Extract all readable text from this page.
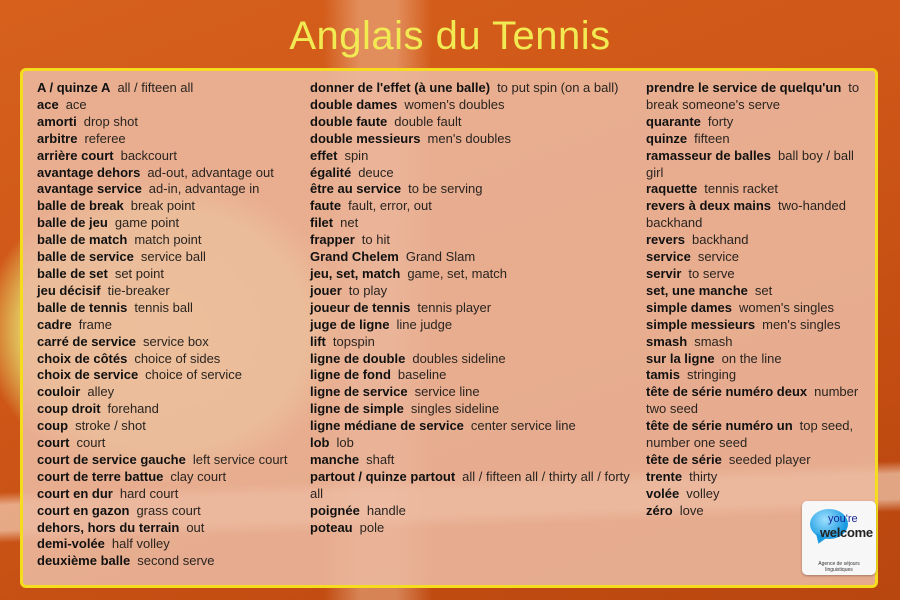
Anglais du Tennis

A / quinze A all / fifteen all

ace ace

amorti drop shot

arbitre referee

arrière court backcourt

avantage dehors ad-out, advantage out

avantage service ad-in, advantage in

balle de break break point

balle de jeu game point

balle de match match point

balle de service service ball

balle de set set point

jeu décisif tie-breaker

balle de tennis tennis ball

cadre frame

carré de service service box

choix de côtés choice of sides

choix de service choice of service

couloir alley

coup droit forehand

coup stroke / shot

court court

court de service gauche left service court

court de terre battue clay court

court en dur hard court

court en gazon grass court

dehors, hors du terrain out

demi-volée half volley

deuxième balle second serve

donner de l'effet (à une balle) to put spin (on a ball)

double dames women's doubles

double faute double fault

double messieurs men's doubles

effet spin

égalité deuce

être au service to be serving

faute fault, error, out

filet net

frapper to hit

Grand Chelem Grand Slam

jeu, set, match game, set, match

jouer to play

joueur de tennis tennis player

juge de ligne line judge

lift topspin

ligne de double doubles sideline

ligne de fond baseline

ligne de service service line

ligne de simple singles sideline

ligne médiane de service center service line

lob lob

manche shaft

partout / quinze partout all / fifteen all / thirty all / forty all

poignée handle

poteau pole

prendre le service de quelqu'un to break someone's serve

quarante forty

quinze fifteen

ramasseur de balles ball boy / ball girl

raquette tennis racket

revers à deux mains two-handed backhand

revers backhand

service service

servir to serve

set, une manche set

simple dames women's singles

simple messieurs men's singles

smash smash

sur la ligne on the line

tamis stringing

tête de série numéro deux number two seed

tête de série numéro un top seed, number one seed

tête de série seeded player

trente thirty

volée volley

zéro love

you're
welcome
Agence de séjours linguistiques
